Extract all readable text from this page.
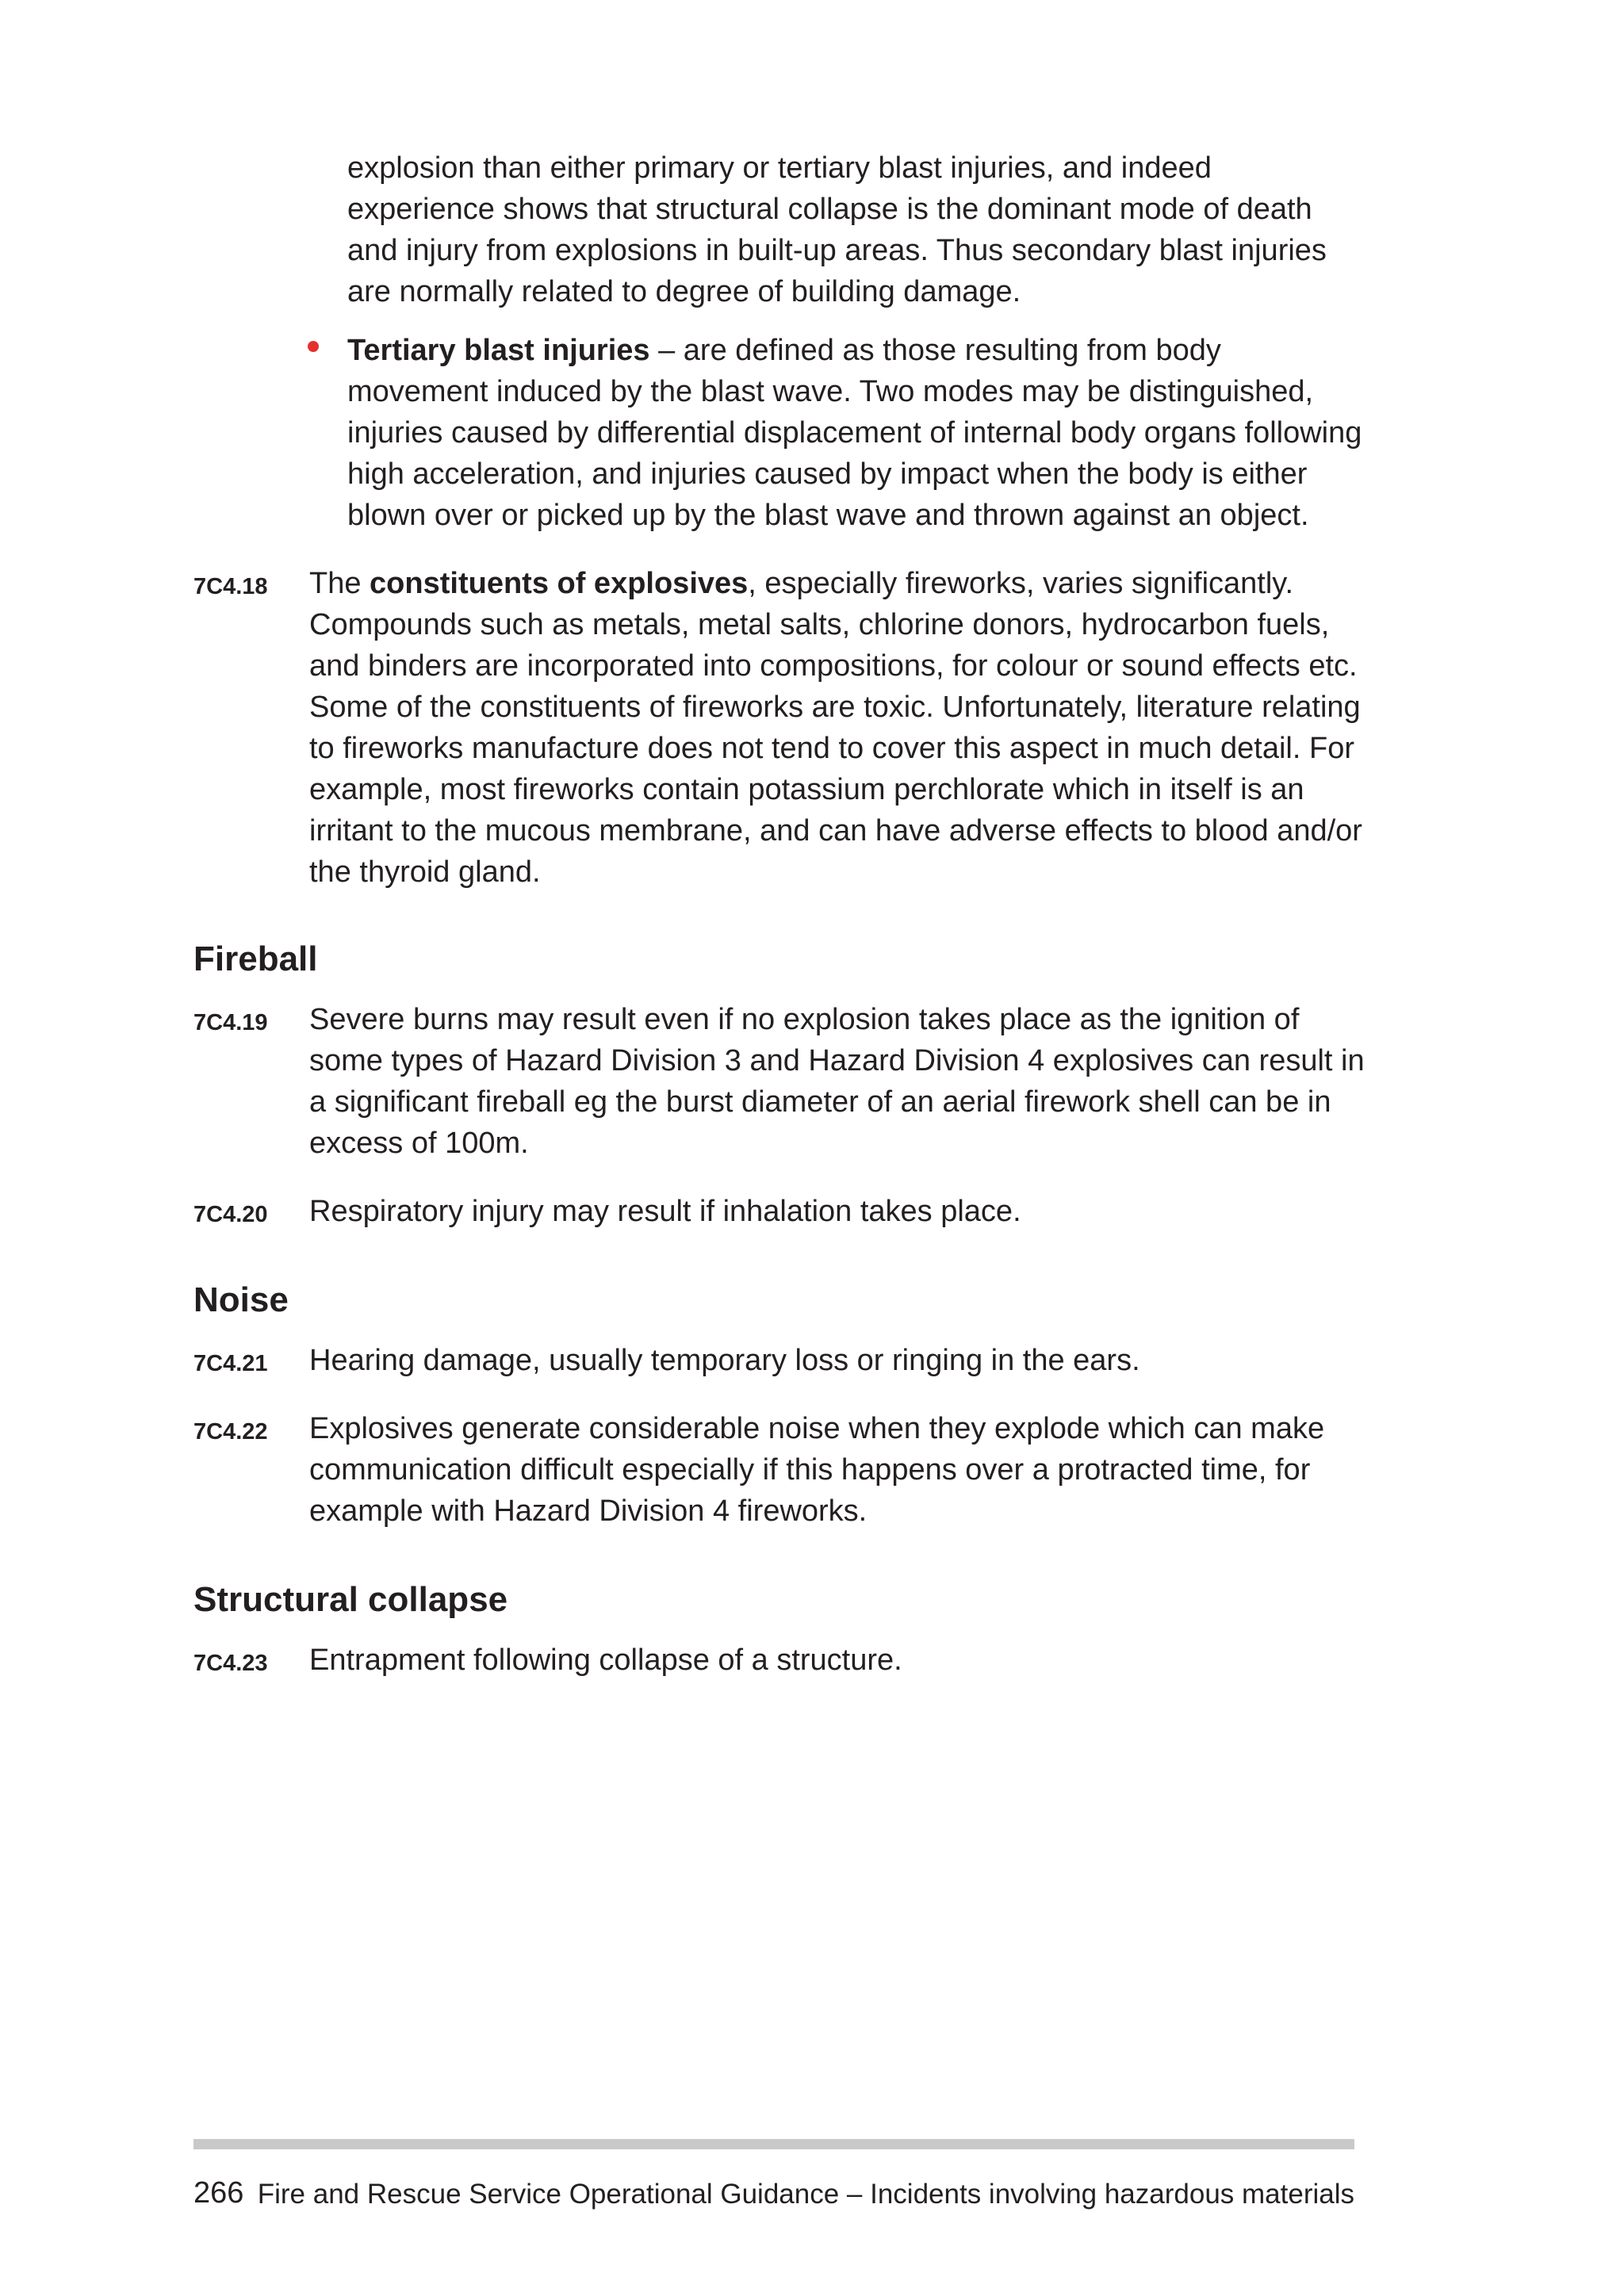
explosion than either primary or tertiary blast injuries, and indeed experience shows that structural collapse is the dominant mode of death and injury from explosions in built-up areas. Thus secondary blast injuries are normally related to degree of building damage.
Tertiary blast injuries – are defined as those resulting from body movement induced by the blast wave. Two modes may be distinguished, injuries caused by differential displacement of internal body organs following high acceleration, and injuries caused by impact when the body is either blown over or picked up by the blast wave and thrown against an object.
7C4.18 The constituents of explosives, especially fireworks, varies significantly. Compounds such as metals, metal salts, chlorine donors, hydrocarbon fuels, and binders are incorporated into compositions, for colour or sound effects etc. Some of the constituents of fireworks are toxic. Unfortunately, literature relating to fireworks manufacture does not tend to cover this aspect in much detail. For example, most fireworks contain potassium perchlorate which in itself is an irritant to the mucous membrane, and can have adverse effects to blood and/or the thyroid gland.

Fireball
7C4.19 Severe burns may result even if no explosion takes place as the ignition of some types of Hazard Division 3 and Hazard Division 4 explosives can result in a significant fireball eg the burst diameter of an aerial firework shell can be in excess of 100m.

7C4.20 Respiratory injury may result if inhalation takes place.

Noise
7C4.21 Hearing damage, usually temporary loss or ringing in the ears.

7C4.22 Explosives generate considerable noise when they explode which can make communication difficult especially if this happens over a protracted time, for example with Hazard Division 4 fireworks.

Structural collapse
7C4.23 Entrapment following collapse of a structure.

266 Fire and Rescue Service Operational Guidance – Incidents involving hazardous materials
